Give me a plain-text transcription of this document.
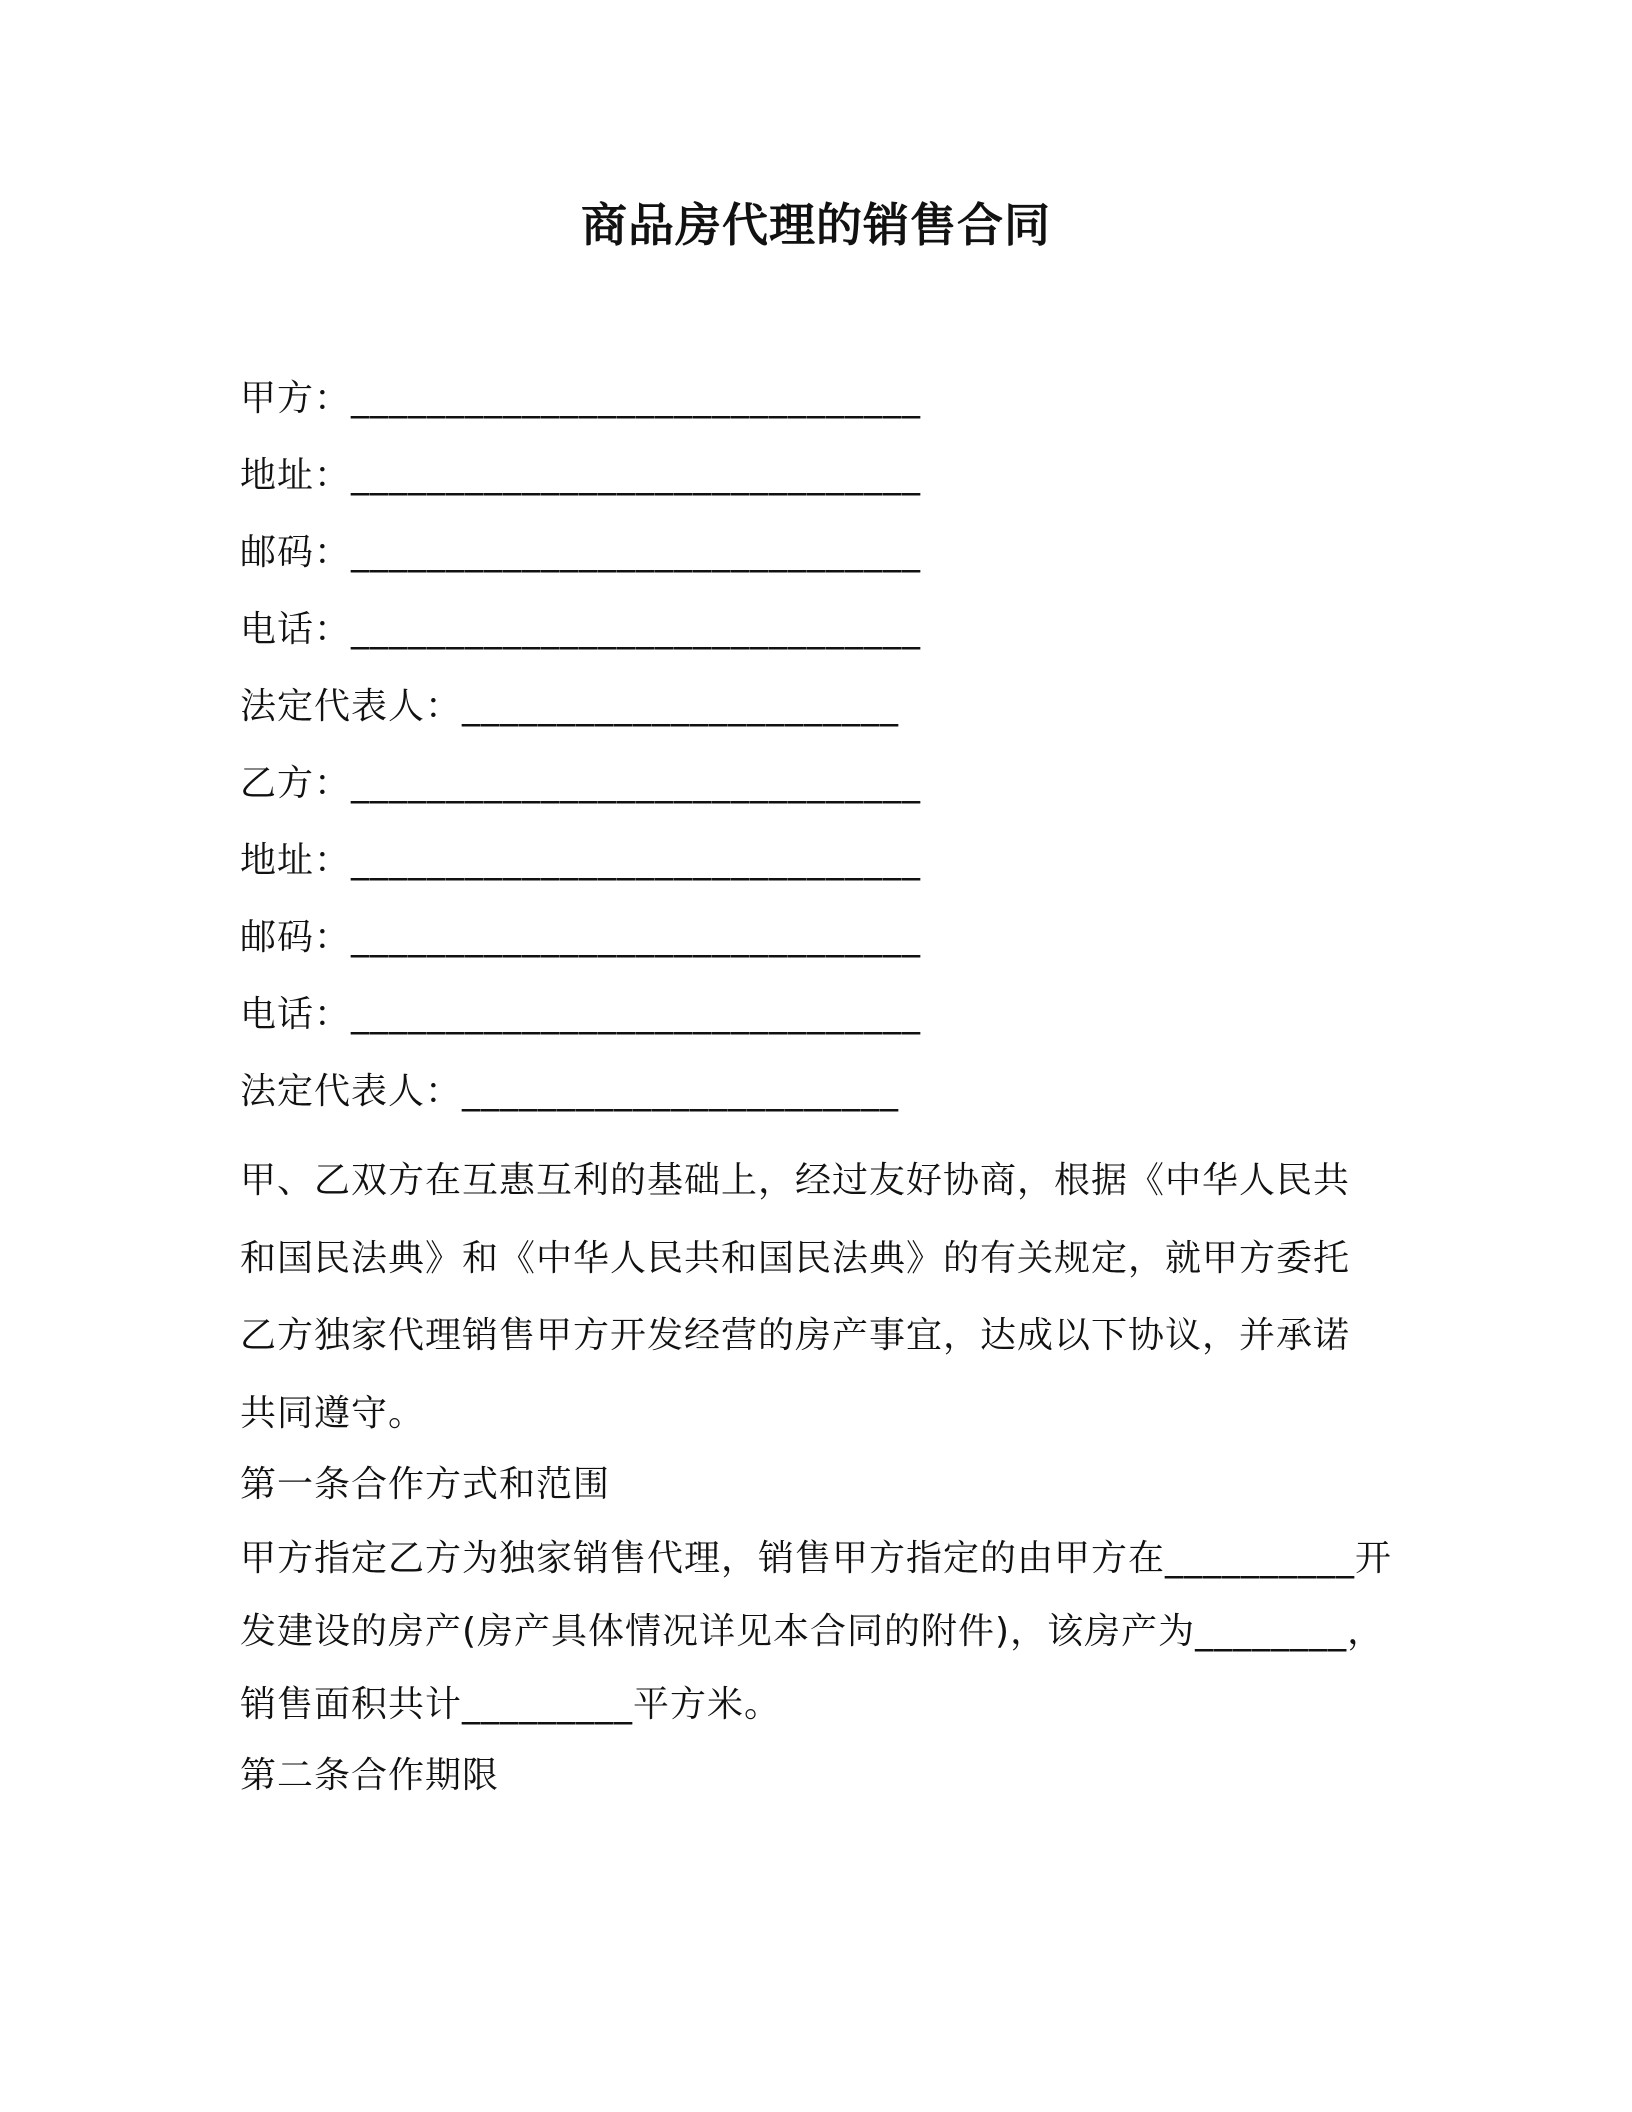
商品房代理的销售合同
甲方：______________________________
地址：______________________________
邮码：______________________________
电话：______________________________
法定代表人：_______________________
乙方：______________________________
地址：______________________________
邮码：______________________________
电话：______________________________
法定代表人：_______________________

甲、乙双方在互惠互利的基础上，经过友好协商，根据《中华人民共和国民法典》和《中华人民共和国民法典》的有关规定，就甲方委托乙方独家代理销售甲方开发经营的房产事宜，达成以下协议，并承诺共同遵守。

第一条合作方式和范围

甲方指定乙方为独家销售代理，销售甲方指定的由甲方在__________开发建设的房产(房产具体情况详见本合同的附件)，该房产为________，销售面积共计_________平方米。

第二条合作期限
